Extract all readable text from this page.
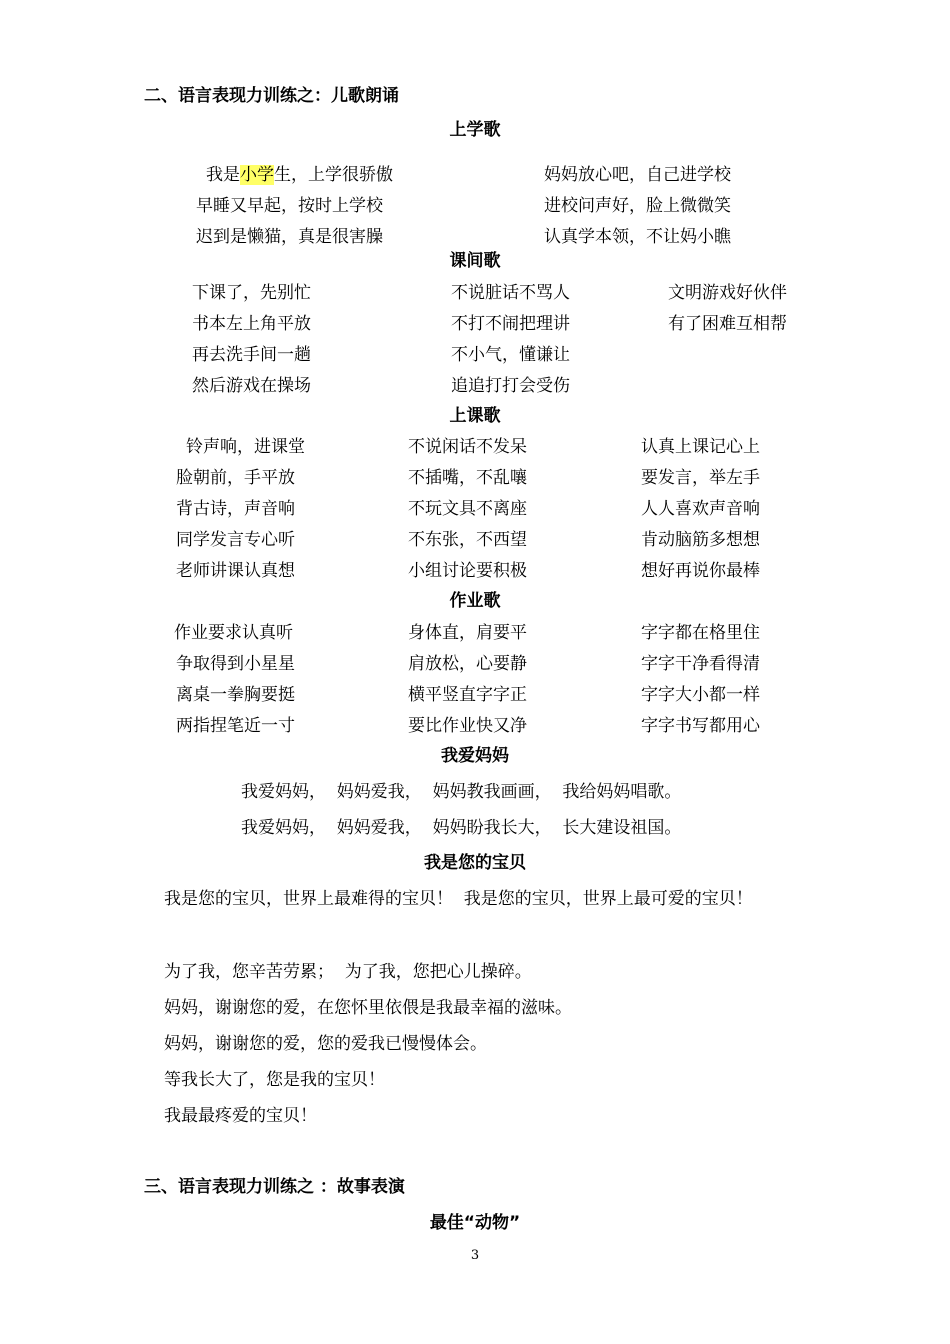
二、语言表现力训练之：儿歌朗诵
上学歌
我是小学生，上学很骄傲
早睡又早起，按时上学校
迟到是懒猫，真是很害臊
妈妈放心吧，自己进学校
进校问声好，脸上微微笑
认真学本领，不让妈小瞧
课间歌
下课了，先别忙
书本左上角平放
再去洗手间一趟
然后游戏在操场
不说脏话不骂人
不打不闹把理讲
不小气，懂谦让
追追打打会受伤
文明游戏好伙伴
有了困难互相帮
上课歌
铃声响，进课堂
脸朝前，手平放
背古诗，声音响
同学发言专心听
老师讲课认真想
不说闲话不发呆
不插嘴，不乱嚷
不玩文具不离座
不东张，不西望
小组讨论要积极
认真上课记心上
要发言，举左手
人人喜欢声音响
肯动脑筋多想想
想好再说你最棒
作业歌
作业要求认真听
争取得到小星星
离桌一拳胸要挺
两指捏笔近一寸
身体直，肩要平
肩放松，心要静
横平竖直字字正
要比作业快又净
字字都在格里住
字字干净看得清
字字大小都一样
字字书写都用心
我爱妈妈
我爱妈妈，  妈妈爱我，  妈妈教我画画，  我给妈妈唱歌。
我爱妈妈，  妈妈爱我，  妈妈盼我长大，  长大建设祖国。
我是您的宝贝
我是您的宝贝，世界上最难得的宝贝！  我是您的宝贝，世界上最可爱的宝贝！
为了我，您辛苦劳累；  为了我，您把心儿操碎。
妈妈，谢谢您的爱，在您怀里依偎是我最幸福的滋味。
妈妈，谢谢您的爱，您的爱我已慢慢体会。
等我长大了，您是我的宝贝！
我最最疼爱的宝贝！
三、语言表现力训练之 ：故事表演
最佳“动物”
3
